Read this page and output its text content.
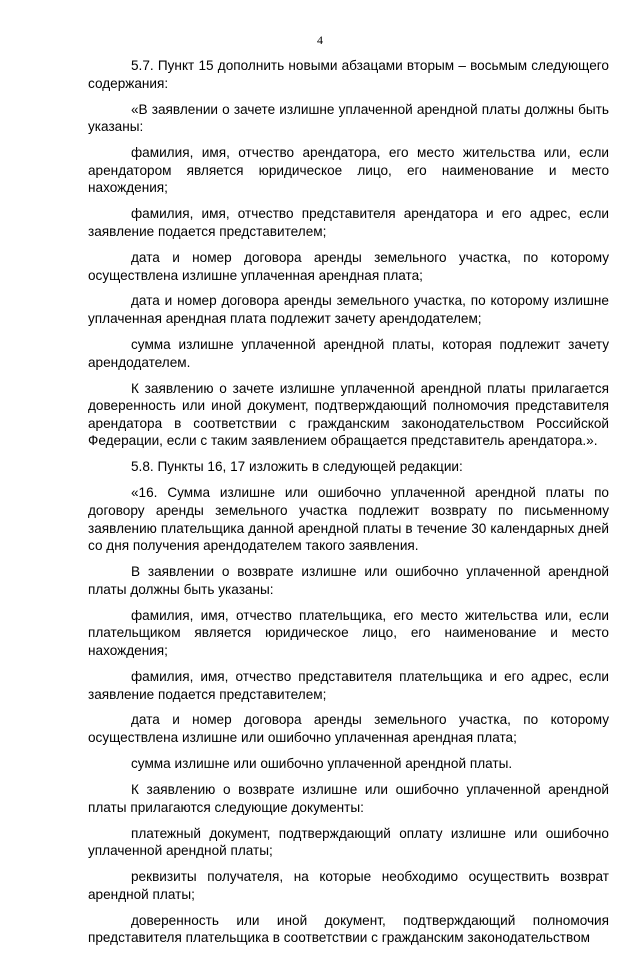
4

5.7. Пункт 15 дополнить новыми абзацами вторым – восьмым следующего содержания:

«В заявлении о зачете излишне уплаченной арендной платы должны быть указаны:

фамилия, имя, отчество арендатора, его место жительства или, если арендатором является юридическое лицо, его наименование и место нахождения;

фамилия, имя, отчество представителя арендатора и его адрес, если заявление подается представителем;

дата и номер договора аренды земельного участка, по которому осуществлена излишне уплаченная арендная плата;

дата и номер договора аренды земельного участка, по которому излишне уплаченная арендная плата подлежит зачету арендодателем;

сумма излишне уплаченной арендной платы, которая подлежит зачету арендодателем.

К заявлению о зачете излишне уплаченной арендной платы прилагается доверенность или иной документ, подтверждающий полномочия представителя арендатора в соответствии с гражданским законодательством Российской Федерации, если с таким заявлением обращается представитель арендатора.».

5.8. Пункты 16, 17 изложить в следующей редакции:

«16. Сумма излишне или ошибочно уплаченной арендной платы по договору аренды земельного участка подлежит возврату по письменному заявлению плательщика данной арендной платы в течение 30 календарных дней со дня получения арендодателем такого заявления.

В заявлении о возврате излишне или ошибочно уплаченной арендной платы должны быть указаны:

фамилия, имя, отчество плательщика, его место жительства или, если плательщиком является юридическое лицо, его наименование и место нахождения;

фамилия, имя, отчество представителя плательщика и его адрес, если заявление подается представителем;

дата и номер договора аренды земельного участка, по которому осуществлена излишне или ошибочно уплаченная арендная плата;

сумма излишне или ошибочно уплаченной арендной платы.

К заявлению о возврате излишне или ошибочно уплаченной арендной платы прилагаются следующие документы:

платежный документ, подтверждающий оплату излишне или ошибочно уплаченной арендной платы;

реквизиты получателя, на которые необходимо осуществить возврат арендной платы;

доверенность или иной документ, подтверждающий полномочия представителя плательщика в соответствии с гражданским законодательством
